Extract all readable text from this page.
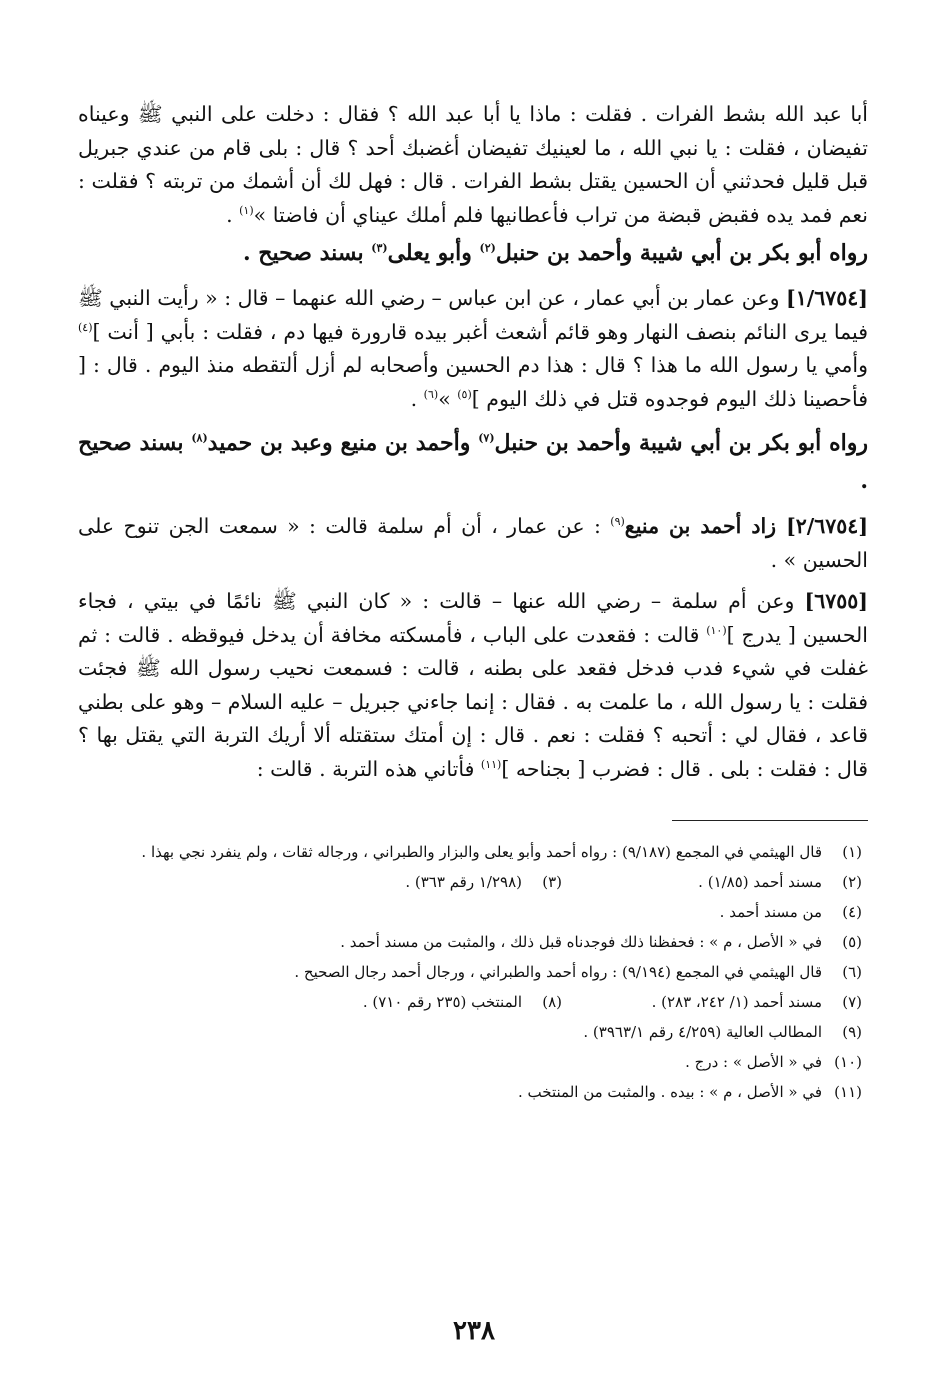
أبا عبد الله بشط الفرات . فقلت : ماذا يا أبا عبد الله ؟ فقال : دخلت على النبي ﷺ وعيناه تفيضان ، فقلت : يا نبي الله ، ما لعينيك تفيضان أغضبك أحد ؟ قال : بلى قام من عندي جبريل قبل قليل فحدثني أن الحسين يقتل بشط الفرات . قال : فهل لك أن أشمك من تربته ؟ فقلت : نعم فمد يده فقبض قبضة من تراب فأعطانيها فلم أملك عيناي أن فاضتا »$^{(١)}$ .

رواه أبو بكر بن أبي شيبة وأحمد بن حنبل$^{(٢)}$ وأبو يعلى$^{(٣)}$ بسند صحيح .

[١/٦٧٥٤] وعن عمار بن أبي عمار ، عن ابن عباس – رضي الله عنهما – قال : « رأيت النبي ﷺ فيما يرى النائم بنصف النهار وهو قائم أشعث أغبر بيده قارورة فيها دم ، فقلت : بأبي [ أنت ]$^{(٤)}$ وأمي يا رسول الله ما هذا ؟ قال : هذا دم الحسين وأصحابه لم أزل ألتقطه منذ اليوم . قال : [ فأحصينا ذلك اليوم فوجدوه قتل في ذلك اليوم ]$^{(٥)}$ »$^{(٦)}$ .

رواه أبو بكر بن أبي شيبة وأحمد بن حنبل$^{(٧)}$ وأحمد بن منيع وعبد بن حميد$^{(٨)}$ بسند صحيح .

[٢/٦٧٥٤] زاد أحمد بن منيع$^{(٩)}$ : عن عمار ، أن أم سلمة قالت : « سمعت الجن تنوح على الحسين » .

[٦٧٥٥] وعن أم سلمة – رضي الله عنها – قالت : « كان النبي ﷺ نائمًا في بيتي ، فجاء الحسين [ يدرج ]$^{(١٠)}$ قالت : فقعدت على الباب ، فأمسكته مخافة أن يدخل فيوقظه . قالت : ثم غفلت في شيء فدب فدخل فقعد على بطنه ، قالت : فسمعت نحيب رسول الله ﷺ فجئت فقلت : يا رسول الله ، ما علمت به . فقال : إنما جاءني جبريل – عليه السلام – وهو على بطني قاعد ، فقال لي : أتحبه ؟ فقلت : نعم . قال : إن أمتك ستقتله ألا أريك التربة التي يقتل بها ؟ قال : فقلت : بلى . قال : فضرب [ بجناحه ]$^{(١١)}$ فأتاني هذه التربة . قالت :

(١)
قال الهيثمي في المجمع (٩/١٨٧) : رواه أحمد وأبو يعلى والبزار والطبراني ، ورجاله ثقات ، ولم ينفرد نجي بهذا .
(٢)
مسند أحمد (١/٨٥) .
(٣)
(١/٢٩٨ رقم ٣٦٣) .
(٤)
من مسند أحمد .
(٥)
في « الأصل ، م » : فحفظنا ذلك فوجدناه قبل ذلك ، والمثبت من مسند أحمد .
(٦)
قال الهيثمي في المجمع (٩/١٩٤) : رواه أحمد والطبراني ، ورجال أحمد رجال الصحيح .
(٧)
مسند أحمد (١/ ٢٤٢، ٢٨٣) .
(٨)
المنتخب (٢٣٥ رقم ٧١٠) .
(٩)
المطالب العالية (٤/٢٥٩ رقم ٣٩٦٣/١) .
(١٠)
في « الأصل » : درج .
(١١)
في « الأصل ، م » : بيده . والمثبت من المنتخب .
٢٣٨
